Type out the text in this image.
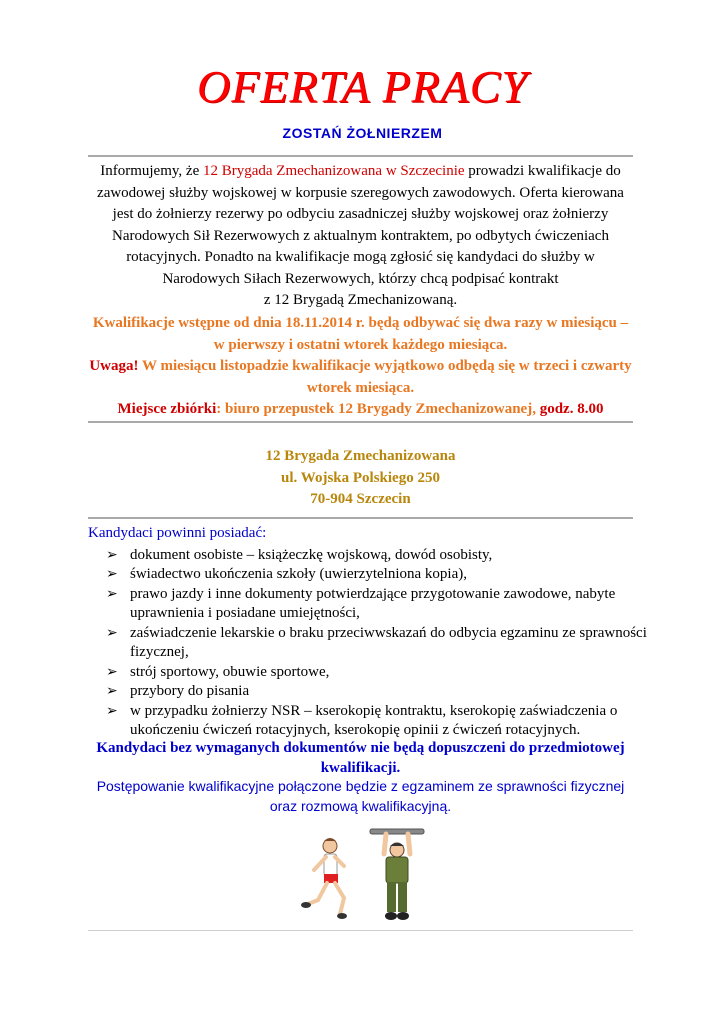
OFERTA PRACY
ZOSTAŃ ŻOŁNIERZEM
Informujemy, że 12 Brygada Zmechanizowana w Szczecinie prowadzi kwalifikacje do zawodowej służby wojskowej w korpusie szeregowych zawodowych. Oferta kierowana jest do żołnierzy rezerwy po odbyciu zasadniczej służby wojskowej oraz żołnierzy Narodowych Sił Rezerwowych z aktualnym kontraktem, po odbytych ćwiczeniach rotacyjnych. Ponadto na kwalifikacje mogą zgłosić się kandydaci do służby w Narodowych Siłach Rezerwowych, którzy chcą podpisać kontrakt
z 12 Brygadą Zmechanizowaną.
Kwalifikacje wstępne od dnia 18.11.2014 r. będą odbywać się dwa razy w miesiącu –
w pierwszy i ostatni wtorek każdego miesiąca.
Uwaga! W miesiącu listopadzie kwalifikacje wyjątkowo odbędą się w trzeci i czwarty wtorek miesiąca.
Miejsce zbiórki: biuro przepustek 12 Brygady Zmechanizowanej, godz. 8.00
12 Brygada Zmechanizowana
ul. Wojska Polskiego 250
70-904 Szczecin
Kandydaci powinni posiadać:
➢ dokument osobiste – książeczkę wojskową, dowód osobisty,
➢ świadectwo ukończenia szkoły (uwierzytelniona kopia),
➢ prawo jazdy i inne dokumenty potwierdzające przygotowanie zawodowe, nabyte uprawnienia i posiadane umiejętności,
➢ zaświadczenie lekarskie o braku przeciwwskazań do odbycia egzaminu ze sprawności fizycznej,
➢ strój sportowy, obuwie sportowe,
➢ przybory do pisania
➢ w przypadku żołnierzy NSR – kserokopię kontraktu, kserokopię zaświadczenia o ukończeniu ćwiczeń rotacyjnych, kserokopię opinii z ćwiczeń rotacyjnych.
Kandydaci bez wymaganych dokumentów nie będą dopuszczeni do przedmiotowej kwalifikacji.
Postępowanie kwalifikacyjne połączone będzie z egzaminem ze sprawności fizycznej oraz rozmową kwalifikacyjną.
